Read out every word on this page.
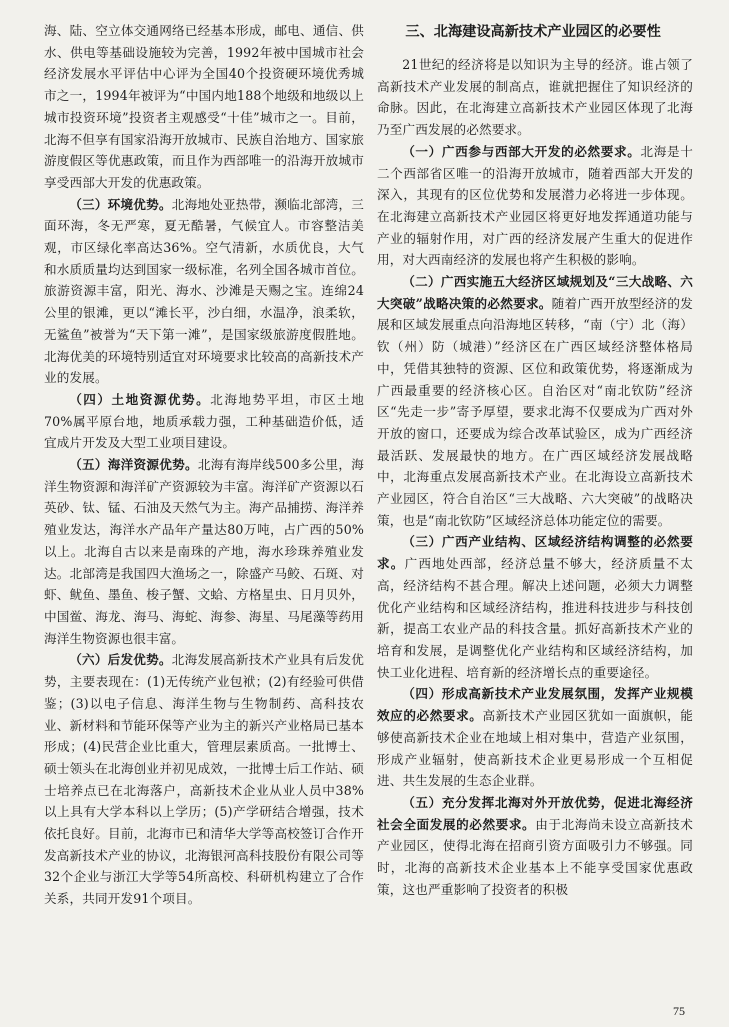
海、陆、空立体交通网络已经基本形成，邮电、通信、供水、供电等基础设施较为完善，1992年被中国城市社会经济发展水平评估中心评为全国40个投资硬环境优秀城市之一，1994年被评为“中国内地188个地级和地级以上城市投资环境”投资者主观感受“十佳”城市之一。目前，北海不但享有国家沿海开放城市、民族自治地方、国家旅游度假区等优惠政策，而且作为西部唯一的沿海开放城市享受西部大开发的优惠政策。

（三）环境优势。北海地处亚热带，濒临北部湾，三面环海，冬无严寒，夏无酷暑，气候宜人。市容整洁美观，市区绿化率高达36%。空气清新，水质优良，大气和水质质量均达到国家一级标准，名列全国各城市首位。旅游资源丰富，阳光、海水、沙滩是天赐之宝。连绵24公里的银滩，更以“滩长平，沙白细，水温净，浪柔软，无鲨鱼”被誉为“天下第一滩”，是国家级旅游度假胜地。北海优美的环境特别适宜对环境要求比较高的高新技术产业的发展。

（四）土地资源优势。北海地势平坦，市区土地70%属平原台地，地质承载力强，工种基础造价低，适宜成片开发及大型工业项目建设。

（五）海洋资源优势。北海有海岸线500多公里，海洋生物资源和海洋矿产资源较为丰富。海洋矿产资源以石英砂、钛、锰、石油及天然气为主。海产品捕捞、海洋养殖业发达，海洋水产品年产量达80万吨，占广西的50%以上。北海自古以来是南珠的产地，海水珍珠养殖业发达。北部湾是我国四大渔场之一，除盛产马鲛、石斑、对虾、鱿鱼、墨鱼、梭子蟹、文蛤、方格星虫、日月贝外，中国鲎、海龙、海马、海蛇、海参、海星、马尾藻等药用海洋生物资源也很丰富。

（六）后发优势。北海发展高新技术产业具有后发优势，主要表现在：(1)无传统产业包袱；(2)有经验可供借鉴；(3)以电子信息、海洋生物与生物制药、高科技农业、新材料和节能环保等产业为主的新兴产业格局已基本形成；(4)民营企业比重大，管理层素质高。一批博士、硕士领头在北海创业并初见成效，一批博士后工作站、硕士培养点已在北海落户，高新技术企业从业人员中38%以上具有大学本科以上学历；(5)产学研结合增强，技术依托良好。目前，北海市已和清华大学等高校签订合作开发高新技术产业的协议，北海银河高科技股份有限公司等32个企业与浙江大学等54所高校、科研机构建立了合作关系，共同开发91个项目。

三、北海建设高新技术产业园区的必要性

21世纪的经济将是以知识为主导的经济。谁占领了高新技术产业发展的制高点，谁就把握住了知识经济的命脉。因此，在北海建立高新技术产业园区体现了北海乃至广西发展的必然要求。

（一）广西参与西部大开发的必然要求。北海是十二个西部省区唯一的沿海开放城市，随着西部大开发的深入，其现有的区位优势和发展潜力必将进一步体现。在北海建立高新技术产业园区将更好地发挥通道功能与产业的辐射作用，对广西的经济发展产生重大的促进作用，对大西南经济的发展也将产生积极的影响。

（二）广西实施五大经济区域规划及“三大战略、六大突破”战略决策的必然要求。随着广西开放型经济的发展和区域发展重点向沿海地区转移，“南（宁）北（海）钦（州）防（城港）”经济区在广西区域经济整体格局中，凭借其独特的资源、区位和政策优势，将逐渐成为广西最重要的经济核心区。自治区对“南北钦防”经济区“先走一步”寄予厚望，要求北海不仅要成为广西对外开放的窗口，还要成为综合改革试验区，成为广西经济最活跃、发展最快的地方。在广西区域经济发展战略中，北海重点发展高新技术产业。在北海设立高新技术产业园区，符合自治区“三大战略、六大突破”的战略决策，也是“南北钦防”区域经济总体功能定位的需要。

（三）广西产业结构、区域经济结构调整的必然要求。广西地处西部，经济总量不够大，经济质量不太高，经济结构不甚合理。解决上述问题，必须大力调整优化产业结构和区域经济结构，推进科技进步与科技创新，提高工农业产品的科技含量。抓好高新技术产业的培育和发展，是调整优化产业结构和区域经济结构，加快工业化进程、培育新的经济增长点的重要途径。

（四）形成高新技术产业发展氛围，发挥产业规模效应的必然要求。高新技术产业园区犹如一面旗帜，能够使高新技术企业在地域上相对集中，营造产业氛围，形成产业辐射，使高新技术企业更易形成一个互相促进、共生发展的生态企业群。

（五）充分发挥北海对外开放优势，促进北海经济社会全面发展的必然要求。由于北海尚未设立高新技术产业园区，使得北海在招商引资方面吸引力不够强。同时，北海的高新技术企业基本上不能享受国家优惠政策，这也严重影响了投资者的积极

75
